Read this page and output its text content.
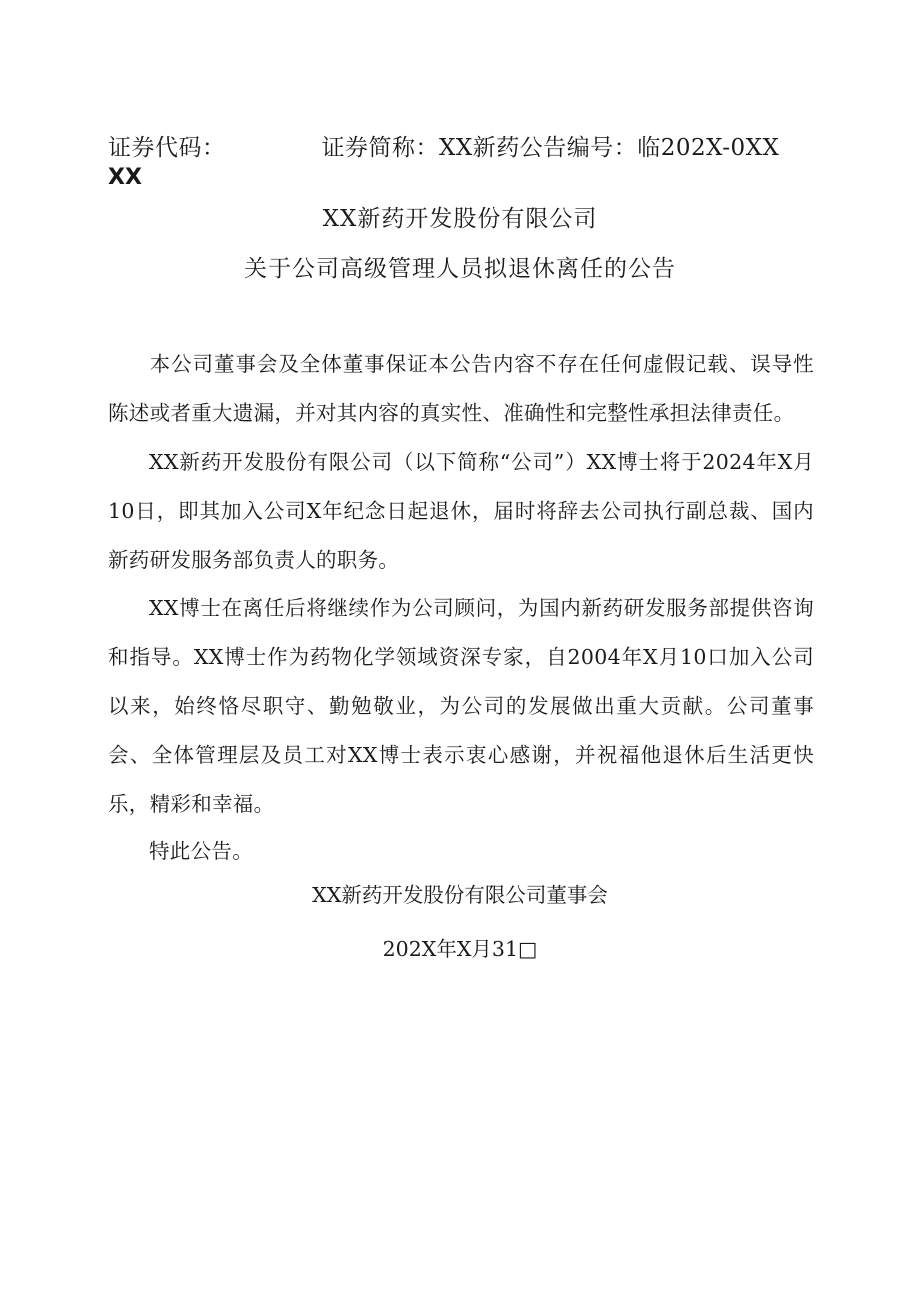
证券代码：	证券简称：XX新药公告编号：临202X-0XX
XX
XX新药开发股份有限公司
关于公司高级管理人员拟退休离任的公告
本公司董事会及全体董事保证本公告内容不存在任何虚假记载、误导性陈述或者重大遗漏，并对其内容的真实性、准确性和完整性承担法律责任。
XX新药开发股份有限公司（以下简称“公司”）XX博士将于2024年X月10日，即其加入公司X年纪念日起退休，届时将辞去公司执行副总裁、国内新药研发服务部负责人的职务。
XX博士在离任后将继续作为公司顾问，为国内新药研发服务部提供咨询和指导。XX博士作为药物化学领域资深专家，自2004年X月10口加入公司以来，始终恪尽职守、勤勉敬业，为公司的发展做出重大贡献。公司董事会、全体管理层及员工对XX博士表示衷心感谢，并祝福他退休后生活更快乐，精彩和幸福。
特此公告。
XX新药开发股份有限公司董事会
202X年X月31□
